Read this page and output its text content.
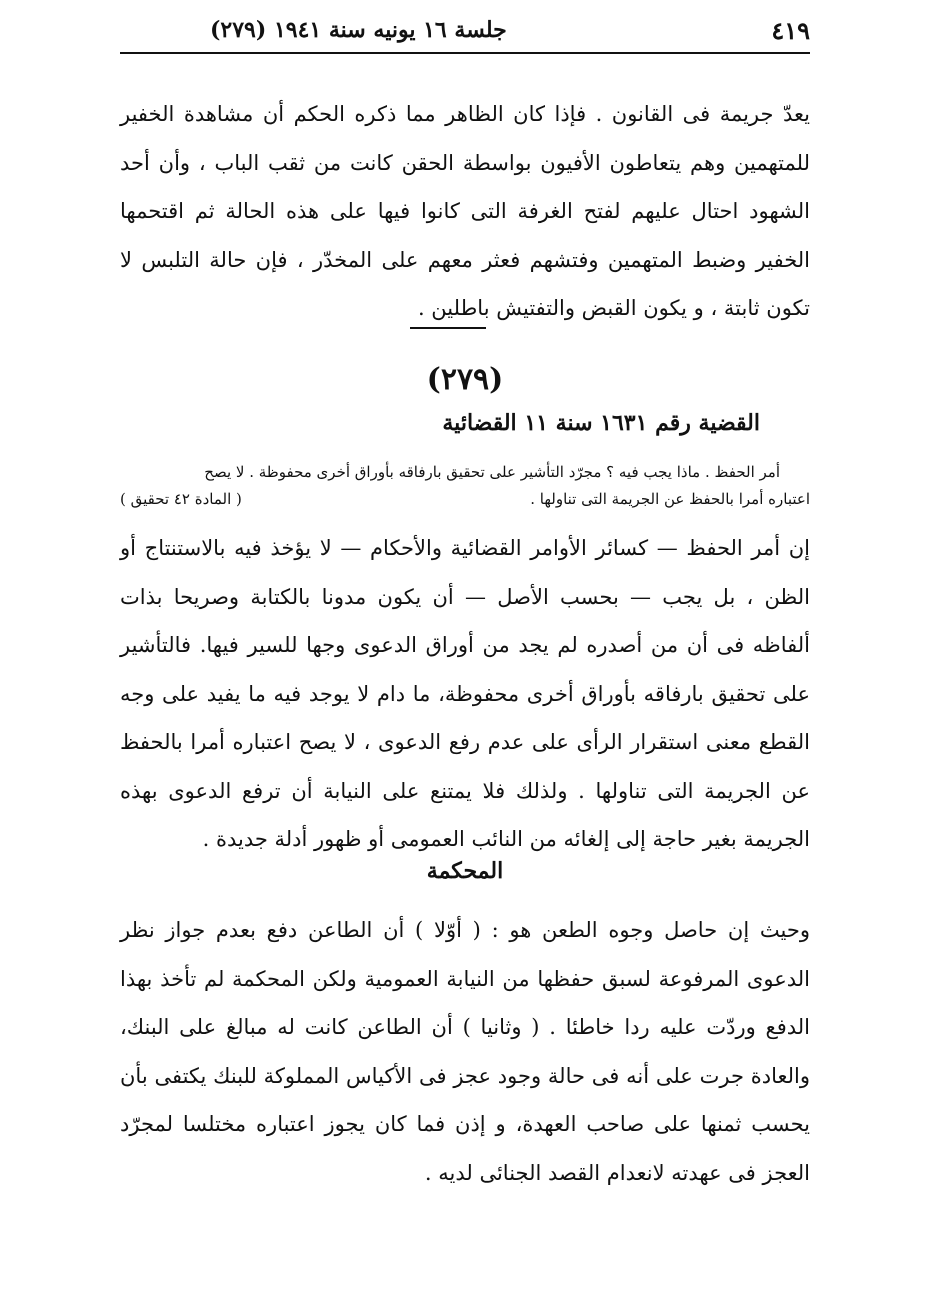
٤١٩
جلسة ١٦ يونيه سنة ١٩٤١ (٢٧٩)

يعدّ جريمة فى القانون . فإذا كان الظاهر مما ذكره الحكم أن مشاهدة الخفير للمتهمين وهم يتعاطون الأفيون بواسطة الحقن كانت من ثقب الباب ، وأن أحد الشهود احتال عليهم لفتح الغرفة التى كانوا فيها على هذه الحالة ثم اقتحمها الخفير وضبط المتهمين وفتشهم فعثر معهم على المخدّر ، فإن حالة التلبس لا تكون ثابتة ، و يكون القبض والتفتيش باطلين .

(٢٧٩)
القضية رقم ١٦٣١ سنة ١١ القضائية
أمر الحفظ . ماذا يجب فيه ؟ مجرّد التأشير على تحقيق بارفاقه بأوراق أخرى محفوظة . لا يصح
اعتباره أمرا بالحفظ عن الجريمة التى تناولها .
( المادة ٤٢ تحقيق )

إن أمر الحفظ — كسائر الأوامر القضائية والأحكام — لا يؤخذ فيه بالاستنتاج أو الظن ، بل يجب — بحسب الأصل — أن يكون مدونا بالكتابة وصريحا بذات ألفاظه فى أن من أصدره لم يجد من أوراق الدعوى وجها للسير فيها. فالتأشير على تحقيق بارفاقه بأوراق أخرى محفوظة، ما دام لا يوجد فيه ما يفيد على وجه القطع معنى استقرار الرأى على عدم رفع الدعوى ، لا يصح اعتباره أمرا بالحفظ عن الجريمة التى تناولها . ولذلك فلا يمتنع على النيابة أن ترفع الدعوى بهذه الجريمة بغير حاجة إلى إلغائه من النائب العمومى أو ظهور أدلة جديدة .

المحكمة

وحيث إن حاصل وجوه الطعن هو : ( أوّلا ) أن الطاعن دفع بعدم جواز نظر الدعوى المرفوعة لسبق حفظها من النيابة العمومية ولكن المحكمة لم تأخذ بهذا الدفع وردّت عليه ردا خاطئا . ( وثانيا ) أن الطاعن كانت له مبالغ على البنك، والعادة جرت على أنه فى حالة وجود عجز فى الأكياس المملوكة للبنك يكتفى بأن يحسب ثمنها على صاحب العهدة، و إذن فما كان يجوز اعتباره مختلسا لمجرّد العجز فى عهدته لانعدام القصد الجنائى لديه .
